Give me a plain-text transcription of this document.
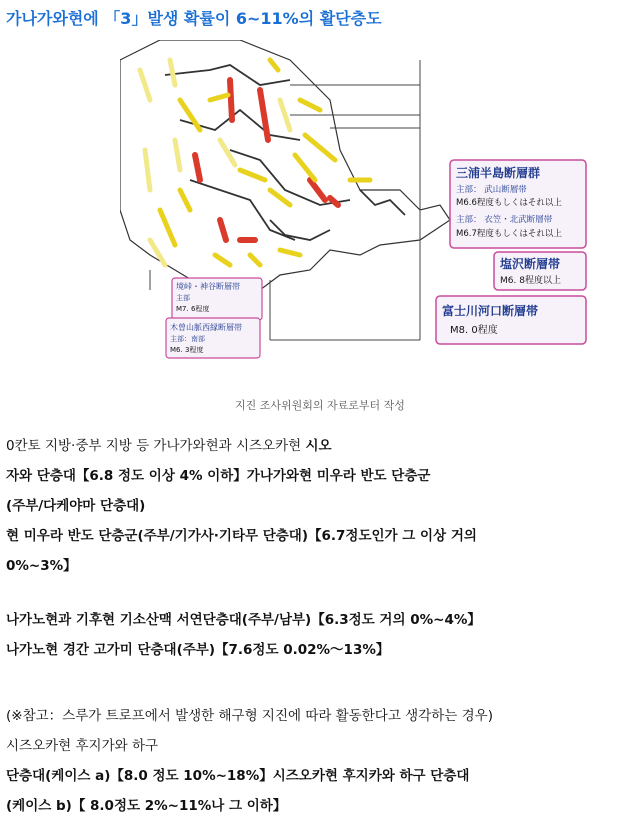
가나가와현에 「3」발생 확률이 6~11%의 활단층도
三浦半島断層群
主部： 武山断層帯
M6.6程度もしくはそれ以上
主部： 衣笠・北武断層帯
M6.7程度もしくはそれ以上
塩沢断層帯
M6. 8程度以上
富士川河口断層帯
M8. 0程度
境峠・神谷断層帯
主部
M7. 6程度
木曽山脈西縁断層帯
主部：南部
M6. 3程度
지진 조사위원회의 자료로부터 작성
0칸토 지방·중부 지방 등 가나가와현과 시즈오카현 시오
자와 단층대【6.8 정도 이상 4% 이하】가나가와현 미우라 반도 단층군
(주부/다케야마 단층대)
현 미우라 반도 단층군(주부/기가사·기타무 단층대)【6.7정도인가 그 이상 거의
0%~3%】
나가노현과 기후현 기소산맥 서연단층대(주부/남부)【6.3정도 거의 0%~4%】
나가노현 경간 고가미 단층대(주부)【7.6정도 0.02%～13%】
(※참고：스루가 트로프에서 발생한 해구형 지진에 따라 활동한다고 생각하는 경우)
시즈오카현 후지가와 하구
단층대(케이스 a)【8.0 정도 10%~18%】시즈오카현 후지카와 하구 단층대
(케이스 b)【 8.0정도 2%~11%나 그 이하】
